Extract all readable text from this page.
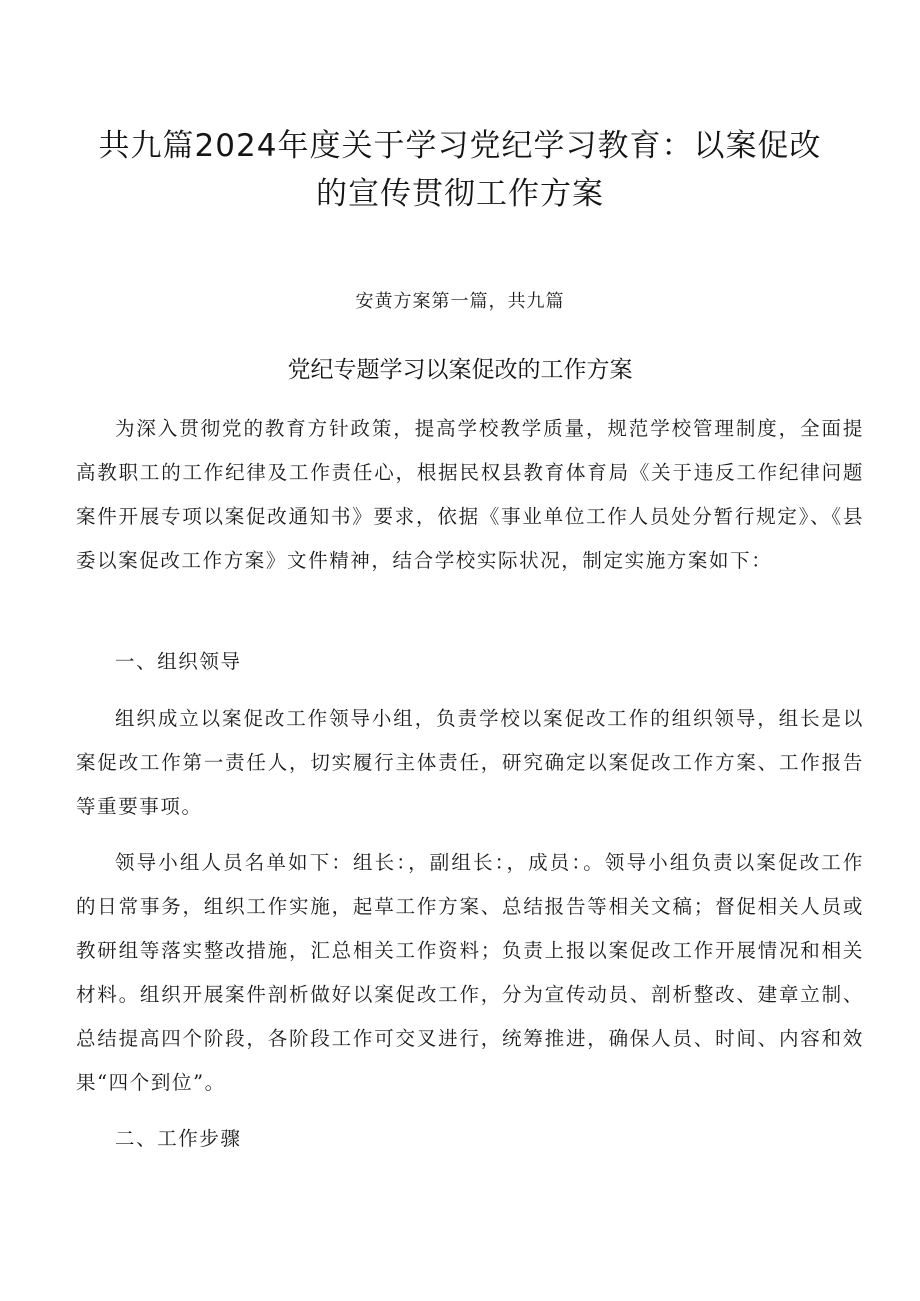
共九篇2024年度关于学习党纪学习教育：以案促改
的宣传贯彻工作方案
安黄方案第一篇，共九篇
党纪专题学习以案促改的工作方案

为深入贯彻党的教育方针政策，提高学校教学质量，规范学校管理制度，全面提高教职工的工作纪律及工作责任心，根据民权县教育体育局《关于违反工作纪律问题案件开展专项以案促改通知书》要求，依据《事业单位工作人员处分暂行规定》、《县委以案促改工作方案》文件精神，结合学校实际状况，制定实施方案如下：

一、组织领导

组织成立以案促改工作领导小组，负责学校以案促改工作的组织领导，组长是以案促改工作第一责任人，切实履行主体责任，研究确定以案促改工作方案、工作报告等重要事项。

领导小组人员名单如下：组长：，副组长：，成员：。领导小组负责以案促改工作的日常事务，组织工作实施，起草工作方案、总结报告等相关文稿；督促相关人员或教研组等落实整改措施，汇总相关工作资料；负责上报以案促改工作开展情况和相关材料。组织开展案件剖析做好以案促改工作，分为宣传动员、剖析整改、建章立制、总结提高四个阶段，各阶段工作可交叉进行，统筹推进，确保人员、时间、内容和效果“四个到位”。

二、工作步骤
